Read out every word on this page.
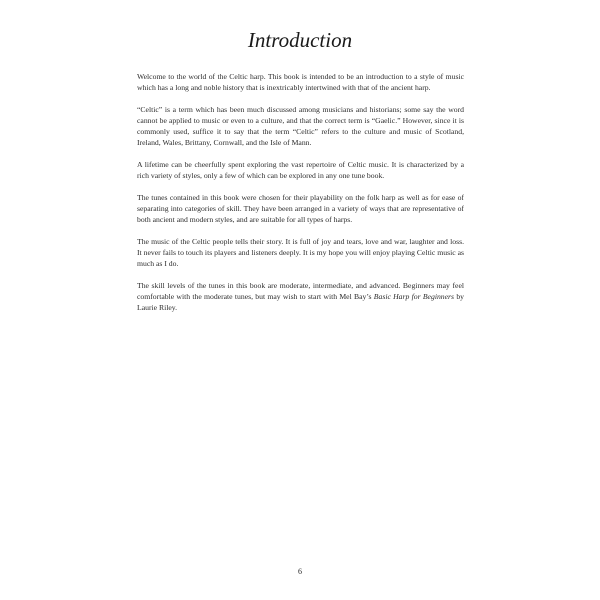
Introduction

Welcome to the world of the Celtic harp. This book is intended to be an introduction to a style of music which has a long and noble history that is inextricably intertwined with that of the ancient harp.

“Celtic” is a term which has been much discussed among musicians and historians; some say the word cannot be applied to music or even to a culture, and that the correct term is “Gaelic.” However, since it is commonly used, suffice it to say that the term “Celtic” refers to the culture and music of Scotland, Ireland, Wales, Brittany, Cornwall, and the Isle of Mann.

A lifetime can be cheerfully spent exploring the vast repertoire of Celtic music. It is characterized by a rich variety of styles, only a few of which can be explored in any one tune book.

The tunes contained in this book were chosen for their playability on the folk harp as well as for ease of separating into categories of skill. They have been arranged in a variety of ways that are representative of both ancient and modern styles, and are suitable for all types of harps.

The music of the Celtic people tells their story. It is full of joy and tears, love and war, laughter and loss. It never fails to touch its players and listeners deeply. It is my hope you will enjoy playing Celtic music as much as I do.

The skill levels of the tunes in this book are moderate, intermediate, and advanced. Beginners may feel comfortable with the moderate tunes, but may wish to start with Mel Bay’s Basic Harp for Beginners by Laurie Riley.

6
